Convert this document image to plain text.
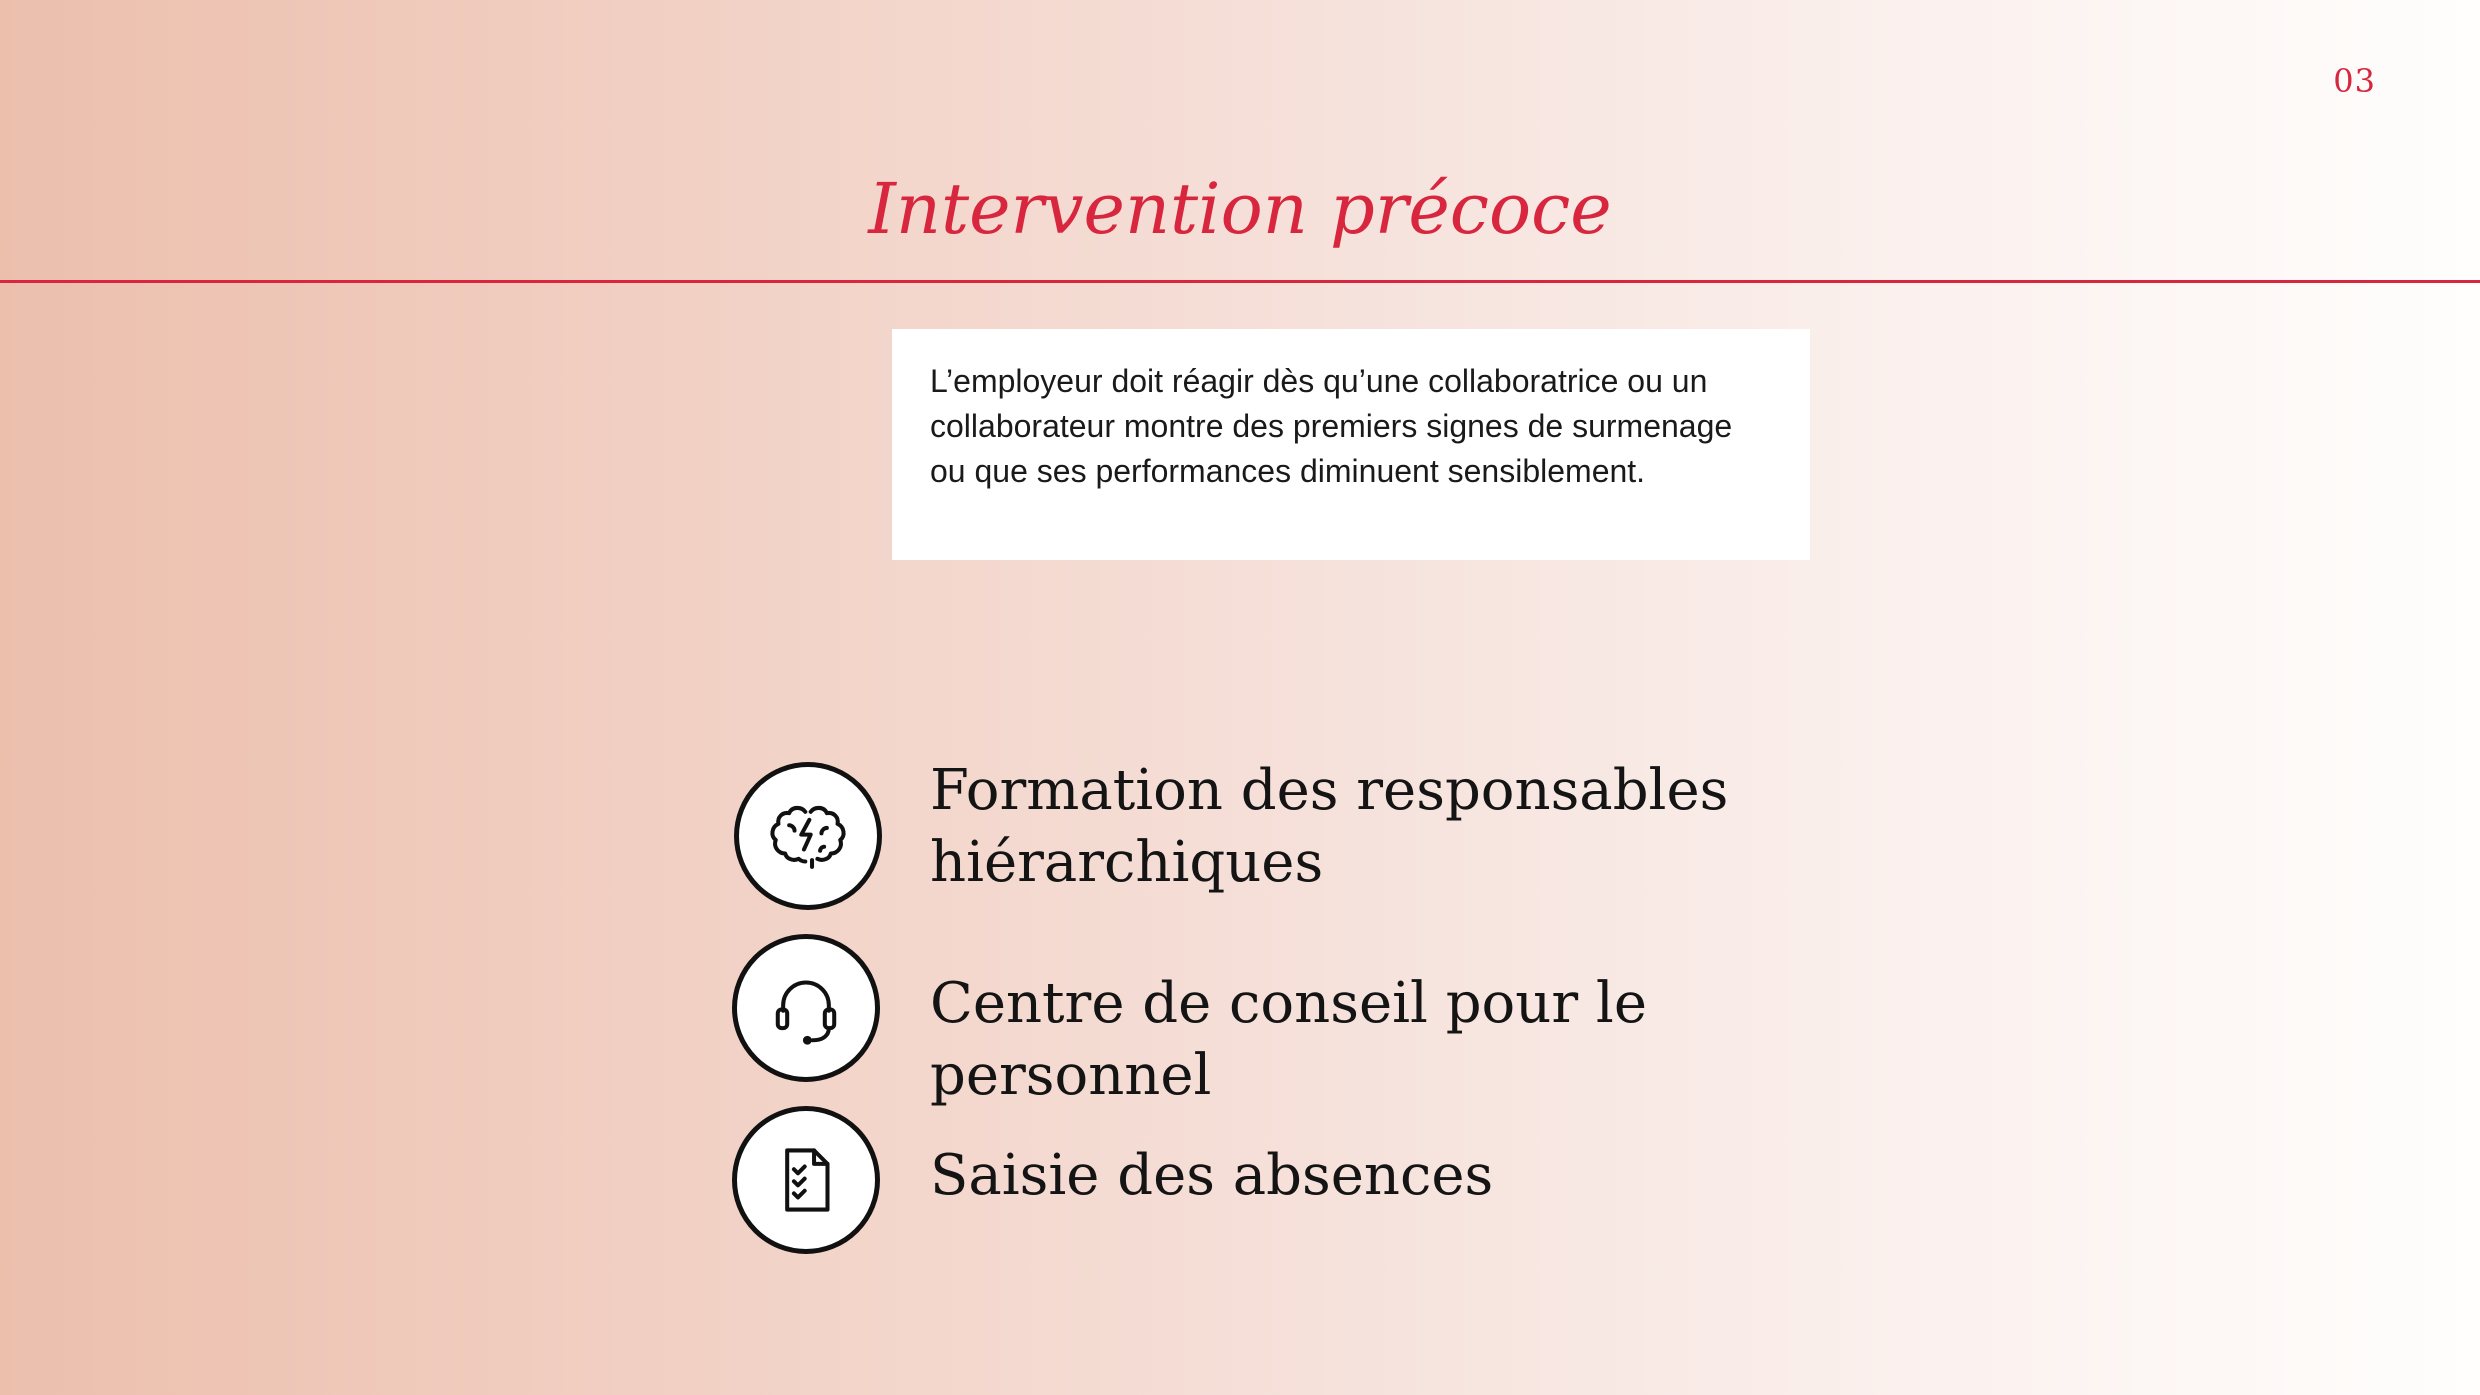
03
Intervention précoce
L’employeur doit réagir dès qu’une collaboratrice ou un collaborateur montre des premiers signes de surmenage ou que ses performances diminuent sensiblement.
Formation des responsables hiérarchiques
Centre de conseil pour le personnel
Saisie des absences
